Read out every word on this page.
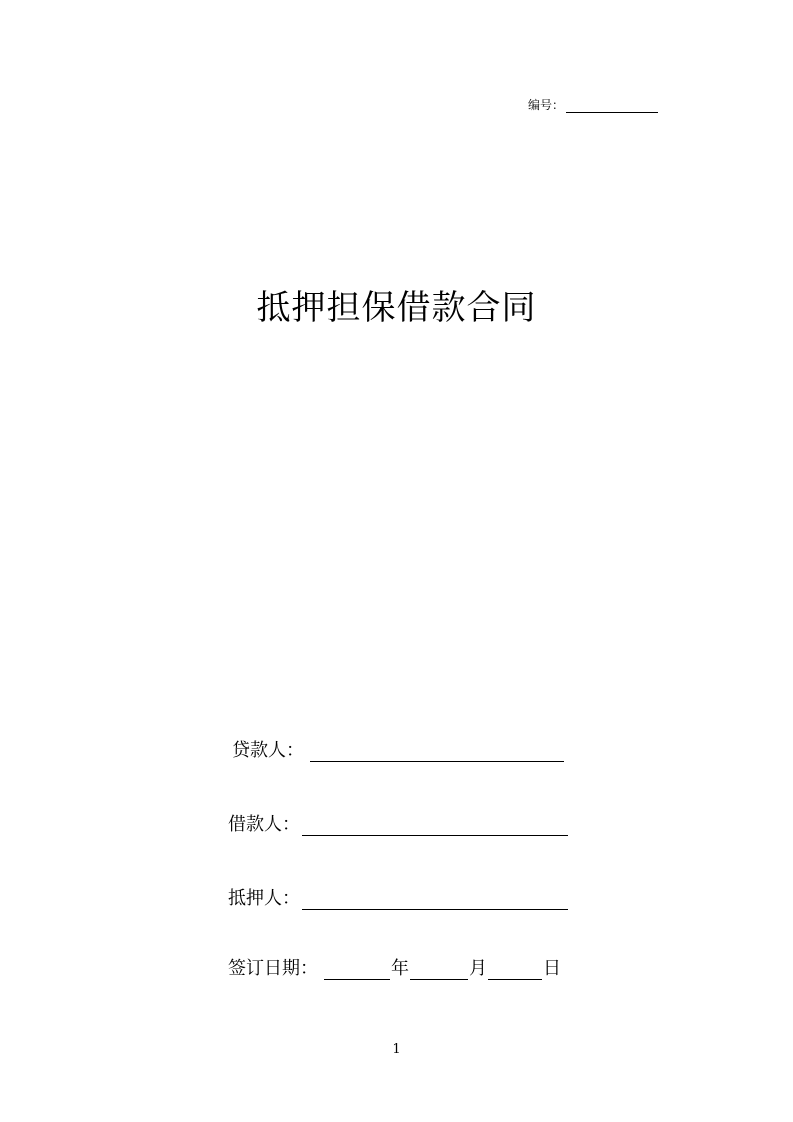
编号：
抵押担保借款合同
贷款人：
借款人：
抵押人：
签订日期：	年	月	日
1
